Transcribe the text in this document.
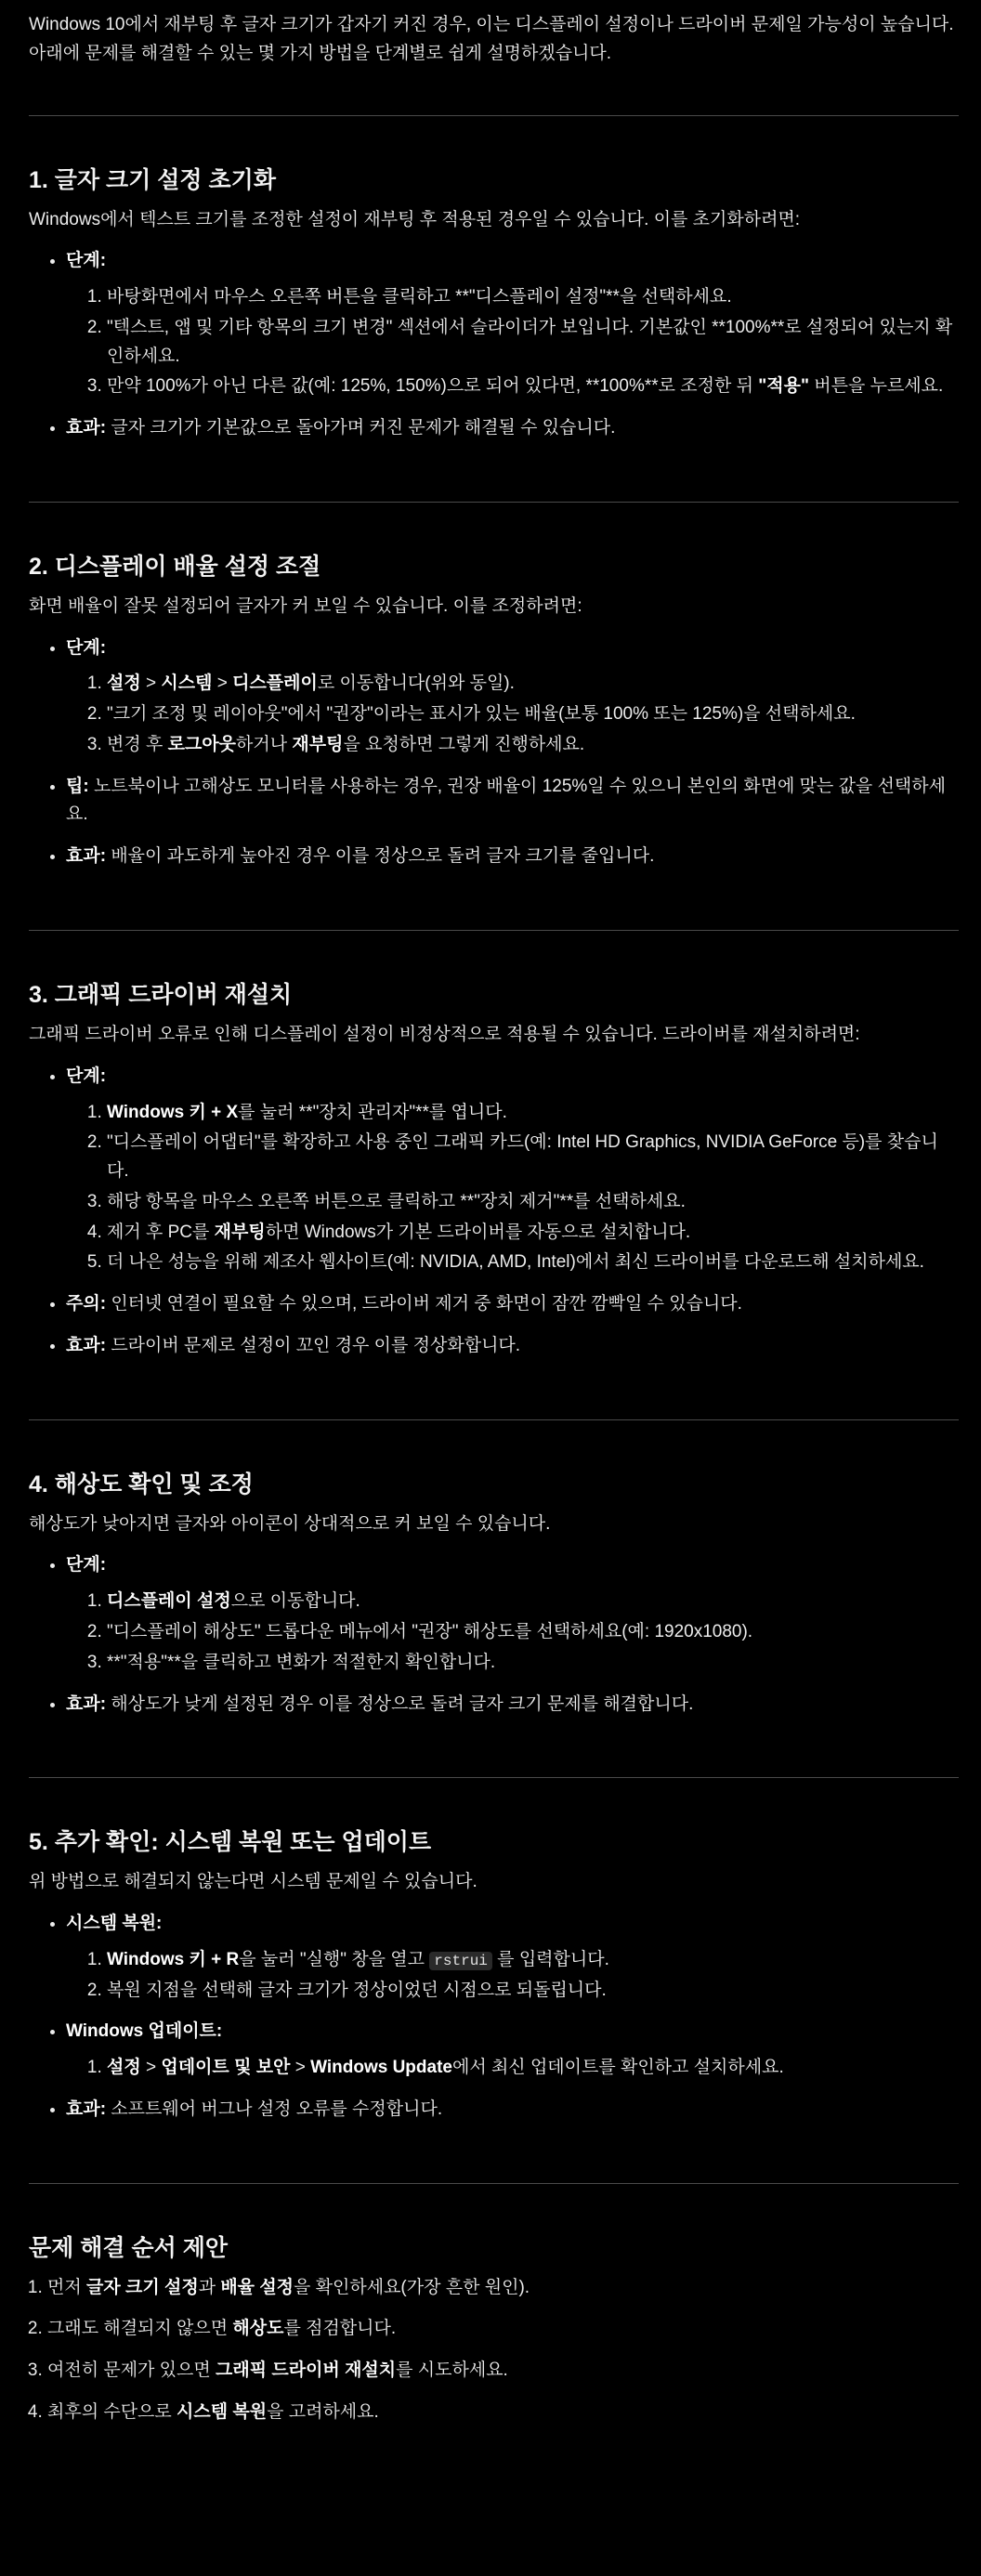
Windows 10에서 재부팅 후 글자 크기가 갑자기 커진 경우, 이는 디스플레이 설정이나 드라이버 문제일 가능성이 높습니다. 아래에 문제를 해결할 수 있는 몇 가지 방법을 단계별로 쉽게 설명하겠습니다.

1. 글자 크기 설정 초기화

Windows에서 텍스트 크기를 조정한 설정이 재부팅 후 적용된 경우일 수 있습니다. 이를 초기화하려면:

• 단계:
1. 바탕화면에서 마우스 오른쪽 버튼을 클릭하고 **"디스플레이 설정"**을 선택하세요.
2. "텍스트, 앱 및 기타 항목의 크기 변경" 섹션에서 슬라이더가 보입니다. 기본값인 **100%**로 설정되어 있는지 확인하세요.
3. 만약 100%가 아닌 다른 값(예: 125%, 150%)으로 되어 있다면, **100%**로 조정한 뒤 "적용" 버튼을 누르세요.
• 효과: 글자 크기가 기본값으로 돌아가며 커진 문제가 해결될 수 있습니다.
2. 디스플레이 배율 설정 조절

화면 배율이 잘못 설정되어 글자가 커 보일 수 있습니다. 이를 조정하려면:

• 단계:
1. 설정 > 시스템 > 디스플레이로 이동합니다(위와 동일).
2. "크기 조정 및 레이아웃"에서 "권장"이라는 표시가 있는 배율(보통 100% 또는 125%)을 선택하세요.
3. 변경 후 로그아웃하거나 재부팅을 요청하면 그렇게 진행하세요.
• 팁: 노트북이나 고해상도 모니터를 사용하는 경우, 권장 배율이 125%일 수 있으니 본인의 화면에 맞는 값을 선택하세요.
• 효과: 배율이 과도하게 높아진 경우 이를 정상으로 돌려 글자 크기를 줄입니다.
3. 그래픽 드라이버 재설치

그래픽 드라이버 오류로 인해 디스플레이 설정이 비정상적으로 적용될 수 있습니다. 드라이버를 재설치하려면:

• 단계:
1. Windows 키 + X를 눌러 **"장치 관리자"**를 엽니다.
2. "디스플레이 어댑터"를 확장하고 사용 중인 그래픽 카드(예: Intel HD Graphics, NVIDIA GeForce 등)를 찾습니다.
3. 해당 항목을 마우스 오른쪽 버튼으로 클릭하고 **"장치 제거"**를 선택하세요.
4. 제거 후 PC를 재부팅하면 Windows가 기본 드라이버를 자동으로 설치합니다.
5. 더 나은 성능을 위해 제조사 웹사이트(예: NVIDIA, AMD, Intel)에서 최신 드라이버를 다운로드해 설치하세요.
• 주의: 인터넷 연결이 필요할 수 있으며, 드라이버 제거 중 화면이 잠깐 깜빡일 수 있습니다.
• 효과: 드라이버 문제로 설정이 꼬인 경우 이를 정상화합니다.
4. 해상도 확인 및 조정

해상도가 낮아지면 글자와 아이콘이 상대적으로 커 보일 수 있습니다.

• 단계:
1. 디스플레이 설정으로 이동합니다.
2. "디스플레이 해상도" 드롭다운 메뉴에서 "권장" 해상도를 선택하세요(예: 1920x1080).
3. **"적용"**을 클릭하고 변화가 적절한지 확인합니다.
• 효과: 해상도가 낮게 설정된 경우 이를 정상으로 돌려 글자 크기 문제를 해결합니다.
5. 추가 확인: 시스템 복원 또는 업데이트

위 방법으로 해결되지 않는다면 시스템 문제일 수 있습니다.

• 시스템 복원:
1. Windows 키 + R을 눌러 "실행" 창을 열고 rstrui 를 입력합니다.
2. 복원 지점을 선택해 글자 크기가 정상이었던 시점으로 되돌립니다.
• Windows 업데이트:
1. 설정 > 업데이트 및 보안 > Windows Update에서 최신 업데이트를 확인하고 설치하세요.
• 효과: 소프트웨어 버그나 설정 오류를 수정합니다.
문제 해결 순서 제안
1. 먼저 글자 크기 설정과 배율 설정을 확인하세요(가장 흔한 원인).
2. 그래도 해결되지 않으면 해상도를 점검합니다.
3. 여전히 문제가 있으면 그래픽 드라이버 재설치를 시도하세요.
4. 최후의 수단으로 시스템 복원을 고려하세요.
